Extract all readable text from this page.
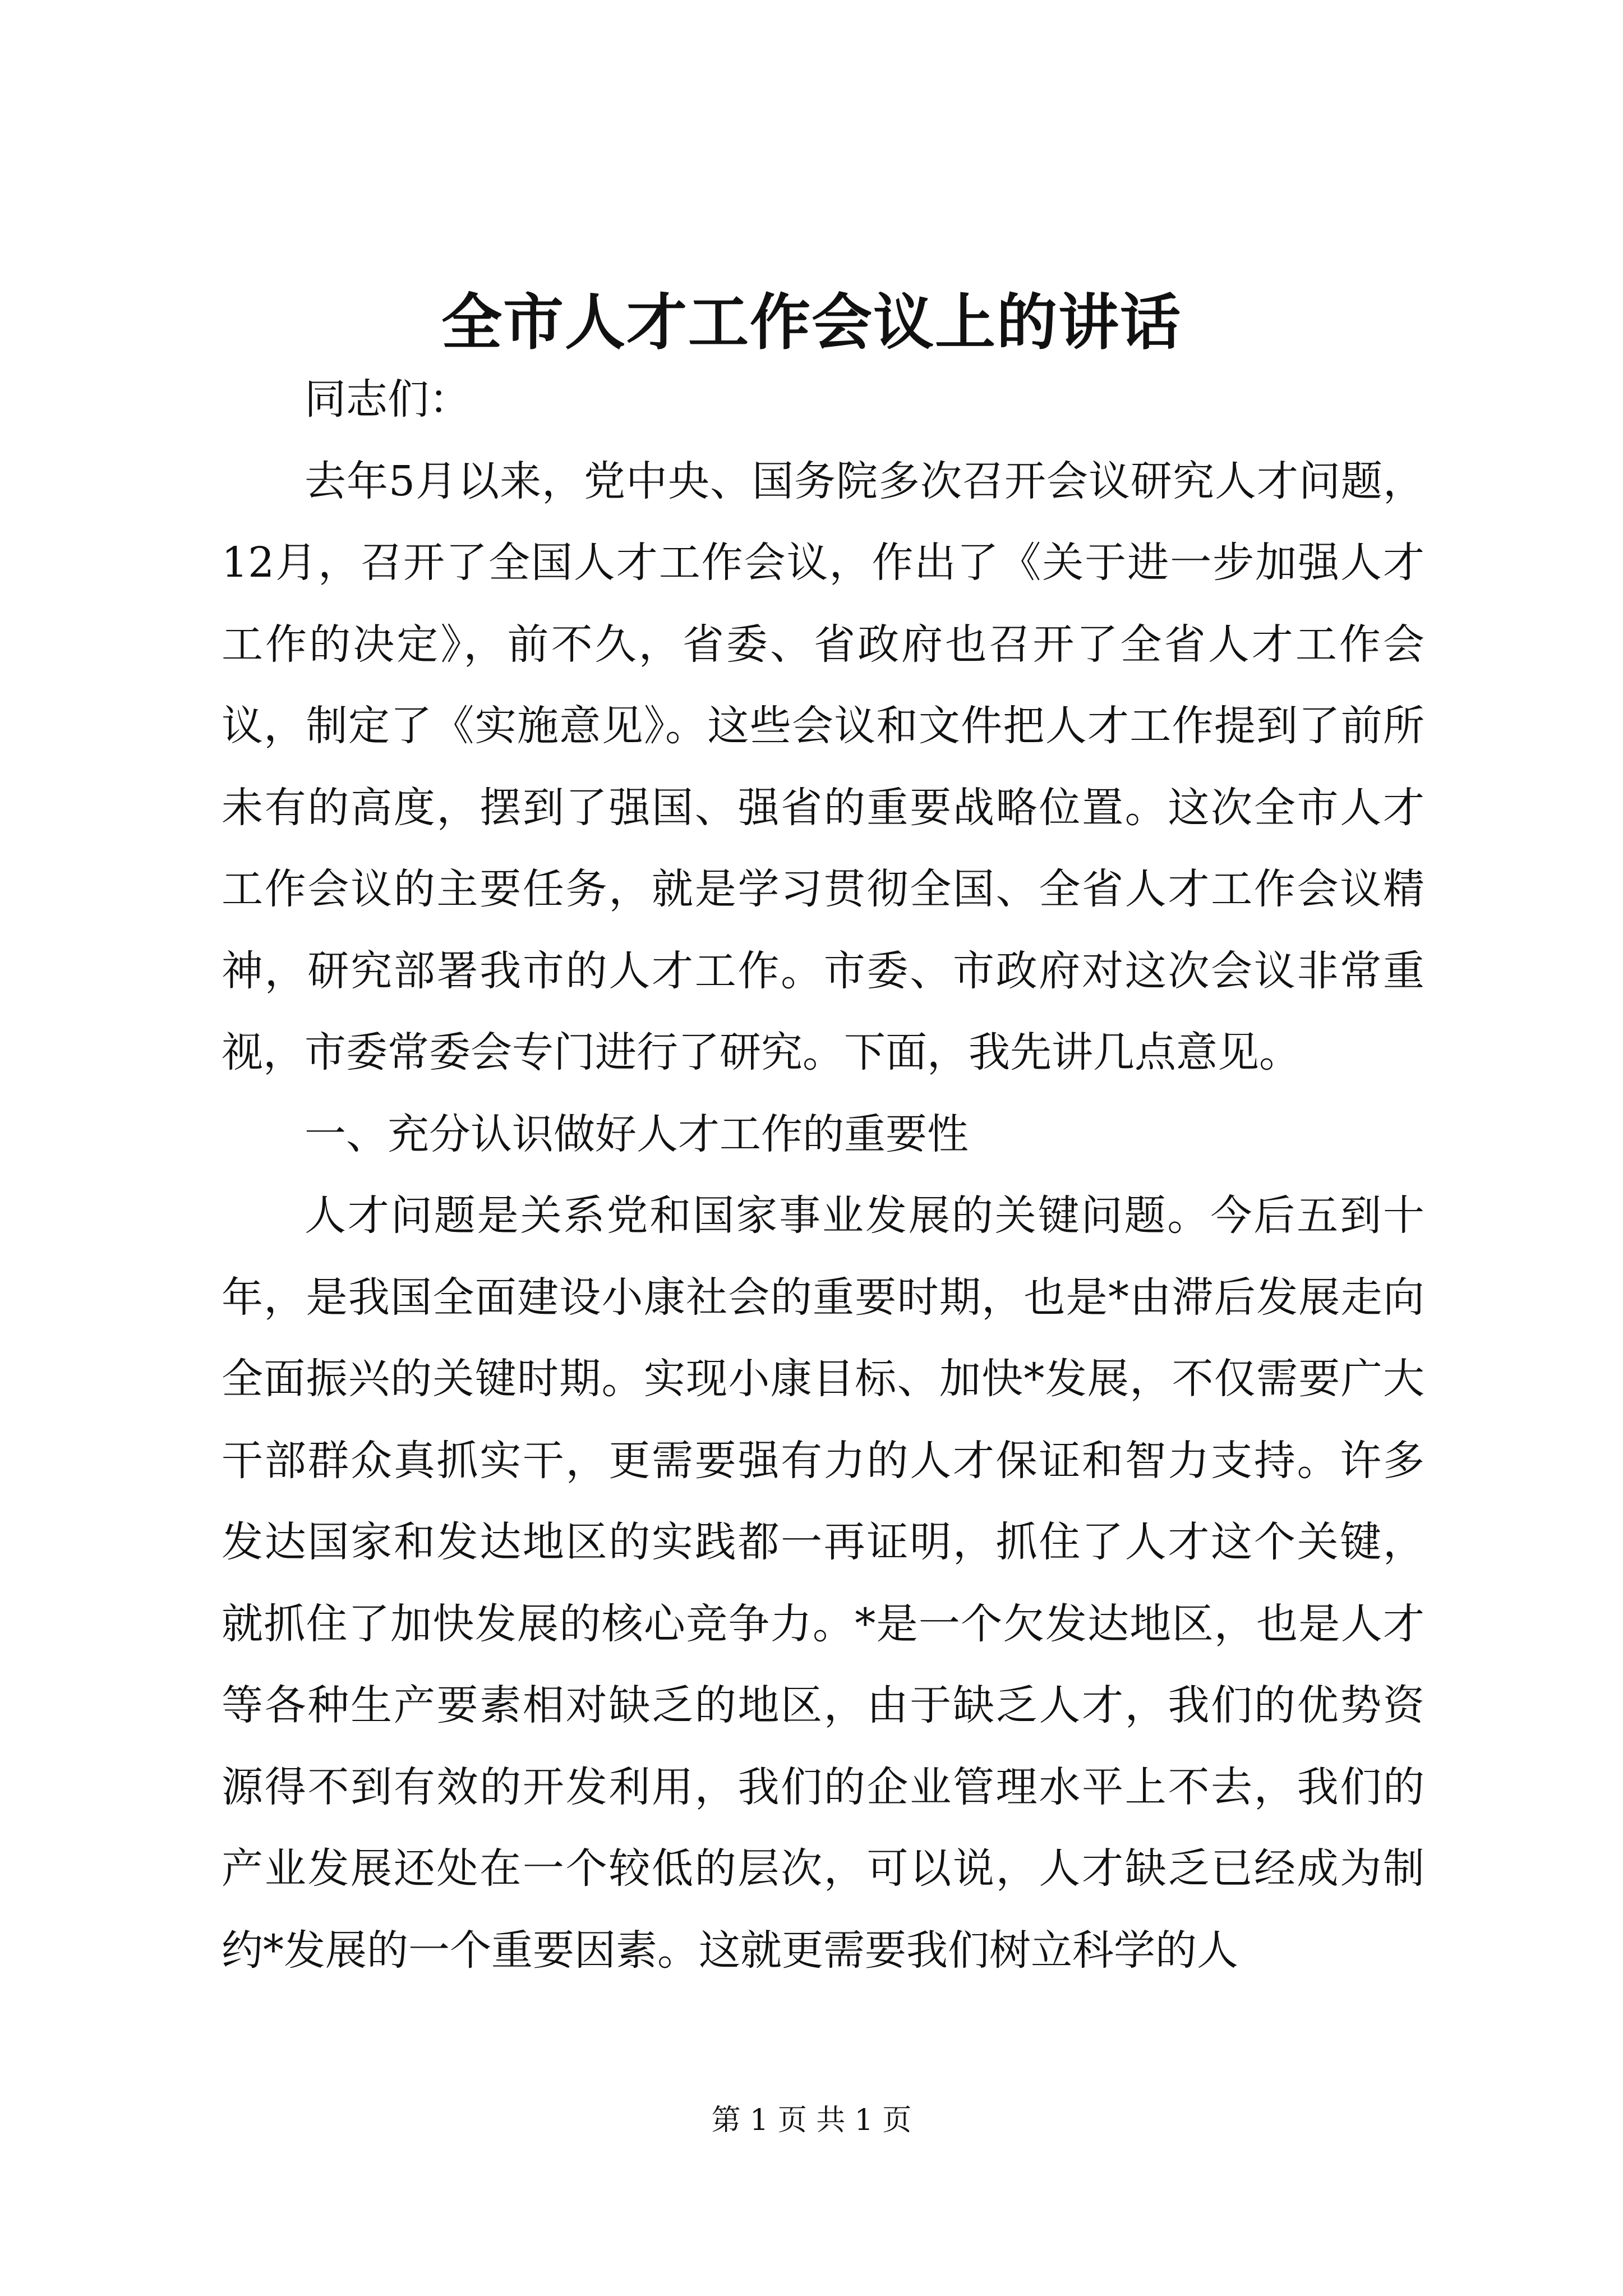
全市人才工作会议上的讲话

同志们：

去年5月以来，党中央、国务院多次召开会议研究人才问题，12月，召开了全国人才工作会议，作出了《关于进一步加强人才工作的决定》，前不久，省委、省政府也召开了全省人才工作会议，制定了《实施意见》。这些会议和文件把人才工作提到了前所未有的高度，摆到了强国、强省的重要战略位置。这次全市人才工作会议的主要任务，就是学习贯彻全国、全省人才工作会议精神，研究部署我市的人才工作。市委、市政府对这次会议非常重视，市委常委会专门进行了研究。下面，我先讲几点意见。

一、充分认识做好人才工作的重要性

人才问题是关系党和国家事业发展的关键问题。今后五到十年，是我国全面建设小康社会的重要时期，也是*由滞后发展走向全面振兴的关键时期。实现小康目标、加快*发展，不仅需要广大干部群众真抓实干，更需要强有力的人才保证和智力支持。许多发达国家和发达地区的实践都一再证明，抓住了人才这个关键，就抓住了加快发展的核心竞争力。*是一个欠发达地区，也是人才等各种生产要素相对缺乏的地区，由于缺乏人才，我们的优势资源得不到有效的开发利用，我们的企业管理水平上不去，我们的产业发展还处在一个较低的层次，可以说，人才缺乏已经成为制约*发展的一个重要因素。这就更需要我们树立科学的人

第 1 页 共 1 页
